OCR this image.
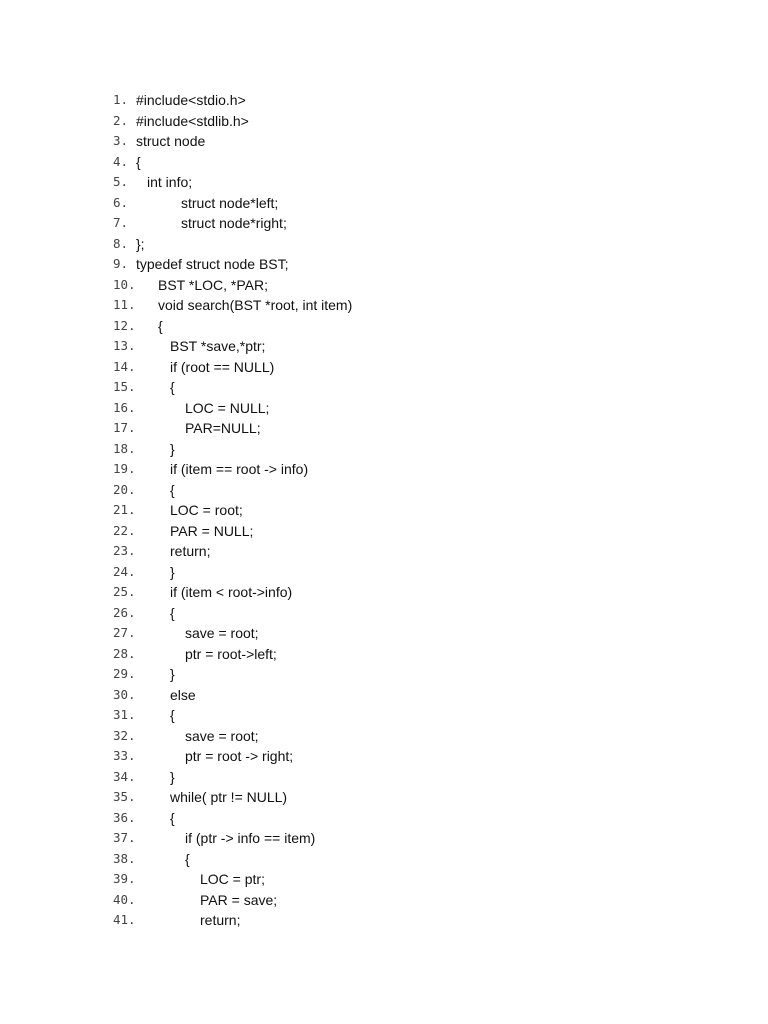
1. #include<stdio.h>
2. #include<stdlib.h>
3. struct node
4. {
5.	int info;
6.	struct node*left;
7.	struct node*right;
8. };
9. typedef struct node BST;
10.	BST *LOC, *PAR;
11.	void search(BST *root, int item)
12.	{
13.	BST *save,*ptr;
14.	if (root == NULL)
15.	{
16.	LOC = NULL;
17.	PAR=NULL;
18.	}
19.	if (item == root -> info)
20.	{
21.	LOC = root;
22.	PAR = NULL;
23.	return;
24.	}
25.	if (item < root->info)
26.	{
27.	save = root;
28.	ptr = root->left;
29.	}
30.	else
31.	{
32.	save = root;
33.	ptr = root -> right;
34.	}
35.	while( ptr != NULL)
36.	{
37.	if (ptr -> info == item)
38.	{
39.	LOC = ptr;
40.	PAR = save;
41.	return;
